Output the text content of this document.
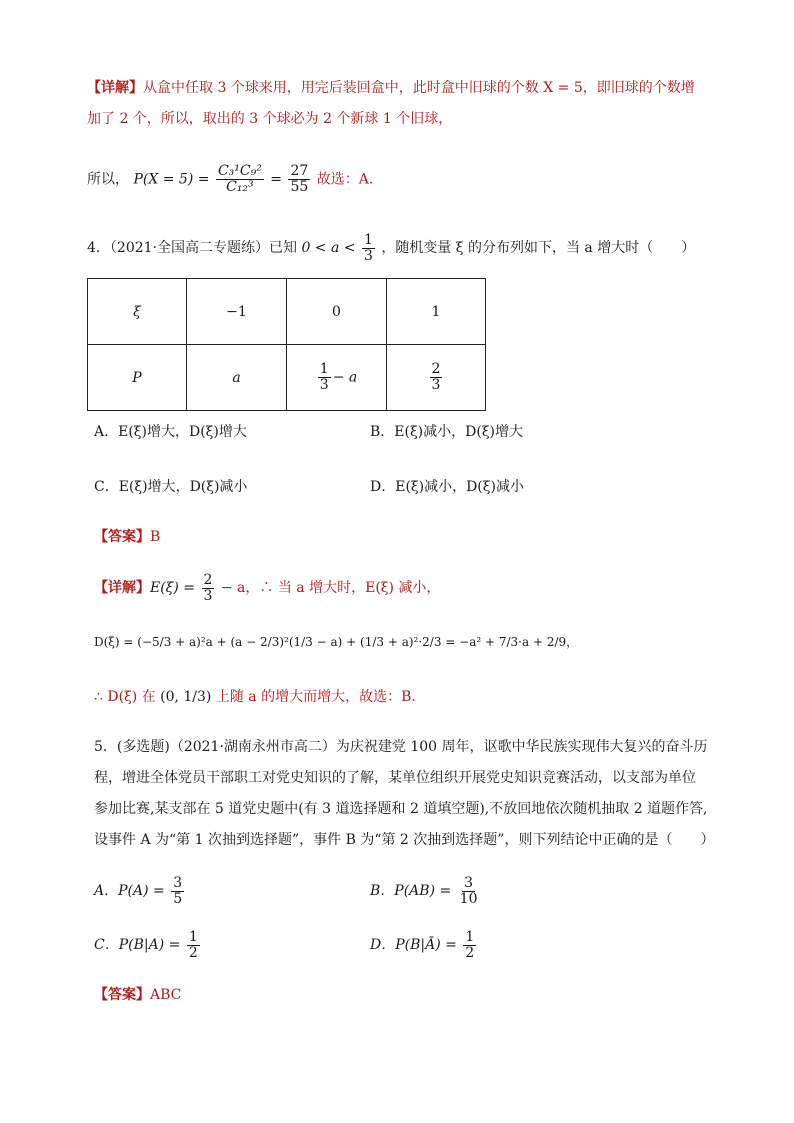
【详解】从盒中任取 3 个球来用，用完后装回盒中，此时盒中旧球的个数 X = 5，即旧球的个数增
加了 2 个，所以，取出的 3 个球必为 2 个新球 1 个旧球，
所以， $P(X = 5) = \frac{\text{C₃¹C₉²}}{\text{C₁₂³}} = \frac{27}{55}$ 故选：A.
4．（2021·全国高二专题练）已知 $0 < a < \frac{1}{3}$ ，随机变量 ξ 的分布列如下，当 a 增大时（　　）
ξ	−1	0	1
P	a	$\frac{1}{3} - a$	$\frac{2}{3}$
A．E(ξ)增大，D(ξ)增大	B．E(ξ)减小，D(ξ)增大
C．E(ξ)增大，D(ξ)减小	D．E(ξ)减小，D(ξ)减小
【答案】B
【详解】$E(\xi) = \frac{2}{3} - a$，∴ 当 a 增大时，E(ξ) 减小，
D(ξ) = (−5/3 + a)²a + (a − 2/3)²(1/3 − a) + (1/3 + a)²·2/3 = −a² + 7/3·a + 2/9，
∴ D(ξ) 在 (0, 1/3) 上随 a 的增大而增大，故选：B.
5．(多选题)（2021·湖南永州市高二）为庆祝建党 100 周年，讴歌中华民族实现伟大复兴的奋斗历
程，增进全体党员干部职工对党史知识的了解，某单位组织开展党史知识竞赛活动，以支部为单位
参加比赛,某支部在 5 道党史题中(有 3 道选择题和 2 道填空题),不放回地依次随机抽取 2 道题作答,
设事件 A 为“第 1 次抽到选择题”，事件 B 为“第 2 次抽到选择题”，则下列结论中正确的是（　　）
A．$P(A) = \frac{3}{5}$	B．$P(AB) = \frac{3}{10}$
C．$P(B|A) = \frac{1}{2}$	D．P(B|Ā) = $\frac{1}{2}$
【答案】ABC
